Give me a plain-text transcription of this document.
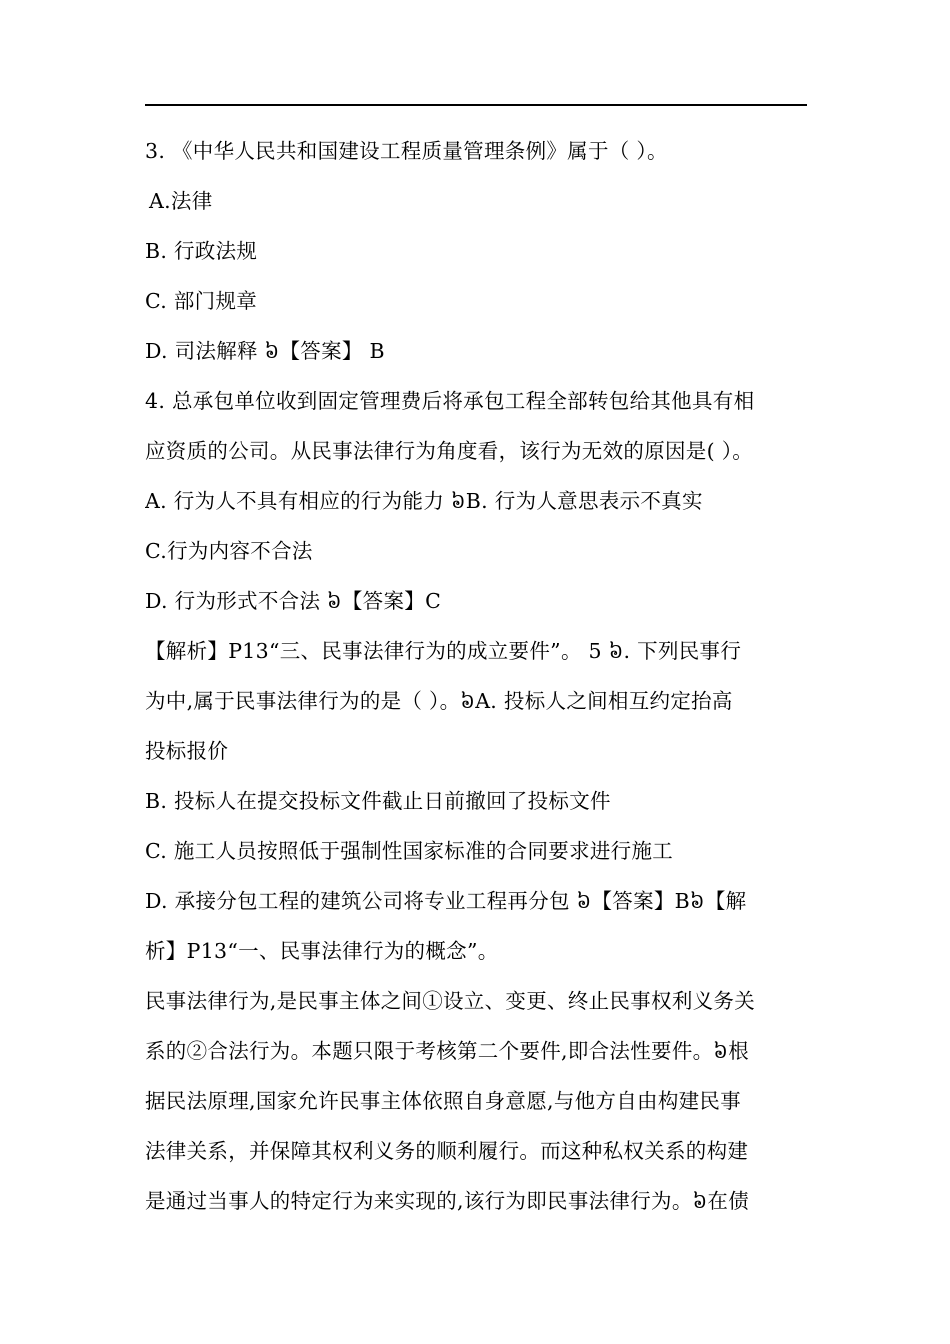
3. 《中华人民共和国建设工程质量管理条例》属于（ ）。
A.法律
B. 行政法规
C. 部门规章
D. 司法解释 ៦【答案】 B
4. 总承包单位收到固定管理费后将承包工程全部转包给其他具有相
应资质的公司。从民事法律行为角度看，该行为无效的原因是( ）。
A. 行为人不具有相应的行为能力 ៦B. 行为人意思表示不真实
C.行为内容不合法
D. 行为形式不合法 ៦【答案】C
【解析】P13“三、民事法律行为的成立要件”。 5 ៦. 下列民事行
为中,属于民事法律行为的是（ ）。៦A. 投标人之间相互约定抬高
投标报价
B. 投标人在提交投标文件截止日前撤回了投标文件
C. 施工人员按照低于强制性国家标准的合同要求进行施工
D. 承接分包工程的建筑公司将专业工程再分包 ៦【答案】B៦【解
析】P13“一、民事法律行为的概念”。
民事法律行为,是民事主体之间①设立、变更、终止民事权利义务关
系的②合法行为。本题只限于考核第二个要件,即合法性要件。៦根
据民法原理,国家允许民事主体依照自身意愿,与他方自由构建民事
法律关系，并保障其权利义务的顺利履行。而这种私权关系的构建
是通过当事人的特定行为来实现的,该行为即民事法律行为。៦在债
